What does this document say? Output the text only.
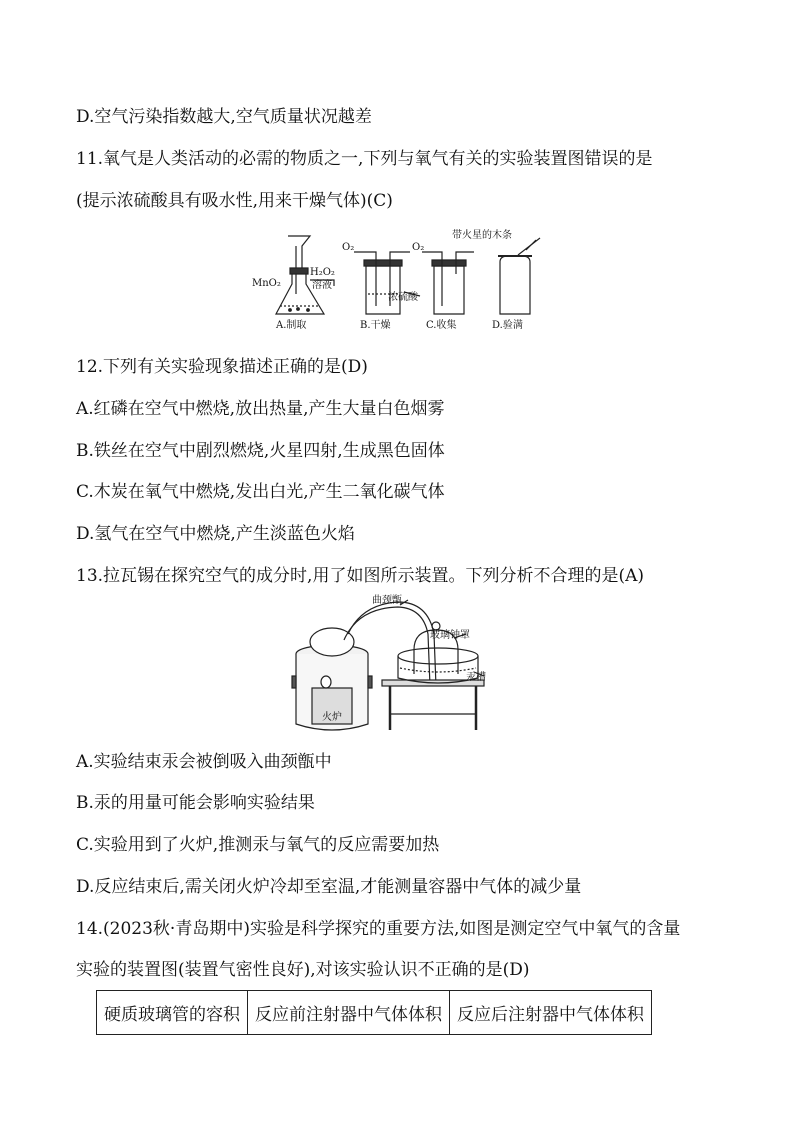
D.空气污染指数越大,空气质量状况越差
11.氧气是人类活动的必需的物质之一,下列与氧气有关的实验装置图错误的是
(提示浓硫酸具有吸水性,用来干燥气体)(C)
MnO₂
H₂O₂
溶液
O₂	O₂
浓硫酸
带火星的木条
A.制取	B.干燥	C.收集	D.验满
12.下列有关实验现象描述正确的是(D)
A.红磷在空气中燃烧,放出热量,产生大量白色烟雾
B.铁丝在空气中剧烈燃烧,火星四射,生成黑色固体
C.木炭在氧气中燃烧,发出白光,产生二氧化碳气体
D.氢气在空气中燃烧,产生淡蓝色火焰
13.拉瓦锡在探究空气的成分时,用了如图所示装置。下列分析不合理的是(A)
火炉
曲颈甑
玻璃钟罩
汞槽
A.实验结束汞会被倒吸入曲颈甑中
B.汞的用量可能会影响实验结果
C.实验用到了火炉,推测汞与氧气的反应需要加热
D.反应结束后,需关闭火炉冷却至室温,才能测量容器中气体的减少量
14.(2023秋·青岛期中)实验是科学探究的重要方法,如图是测定空气中氧气的含量
实验的装置图(装置气密性良好),对该实验认识不正确的是(D)
硬质玻璃管的容积	反应前注射器中气体体积	反应后注射器中气体体积
